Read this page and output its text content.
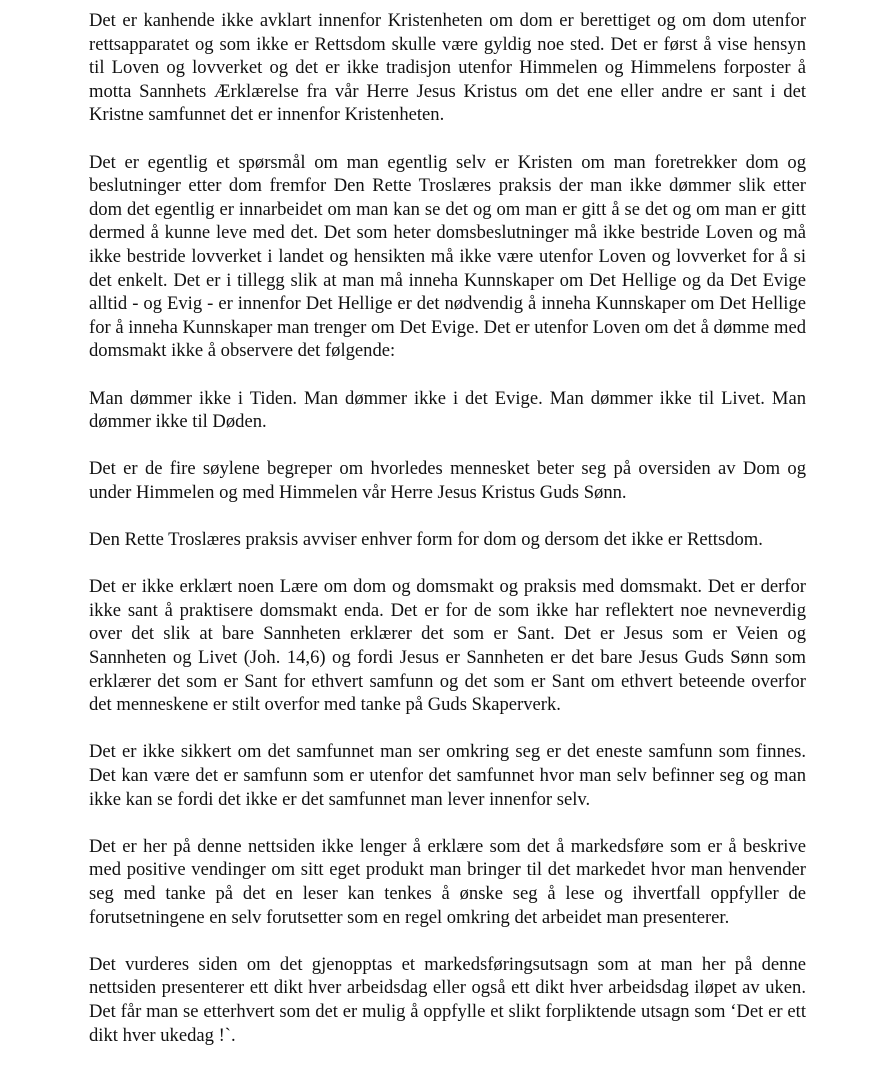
Det er kanhende ikke avklart innenfor Kristenheten om dom er berettiget og om dom utenfor rettsapparatet og som ikke er Rettsdom skulle være gyldig noe sted. Det er først å vise hensyn til Loven og lovverket og det er ikke tradisjon utenfor Himmelen og Himmelens forposter å motta Sannhets Ærklærelse fra vår Herre Jesus Kristus om det ene eller andre er sant i det Kristne samfunnet det er innenfor Kristenheten.

Det er egentlig et spørsmål om man egentlig selv er Kristen om man foretrekker dom og beslutninger etter dom fremfor Den Rette Troslæres praksis der man ikke dømmer slik etter dom det egentlig er innarbeidet om man kan se det og om man er gitt å se det og om man er gitt dermed å kunne leve med det. Det som heter domsbeslutninger må ikke bestride Loven og må ikke bestride lovverket i landet og hensikten må ikke være utenfor Loven og lovverket for å si det enkelt. Det er i tillegg slik at man må inneha Kunnskaper om Det Hellige og da Det Evige alltid - og Evig - er innenfor Det Hellige er det nødvendig å inneha Kunnskaper om Det Hellige for å inneha Kunnskaper man trenger om Det Evige. Det er utenfor Loven om det å dømme med domsmakt ikke å observere det følgende:

Man dømmer ikke i Tiden. Man dømmer ikke i det Evige. Man dømmer ikke til Livet. Man dømmer ikke til Døden.

Det er de fire søylene begreper om hvorledes mennesket beter seg på oversiden av Dom og under Himmelen og med Himmelen vår Herre Jesus Kristus Guds Sønn.

Den Rette Troslæres praksis avviser enhver form for dom og dersom det ikke er Rettsdom.

Det er ikke erklært noen Lære om dom og domsmakt og praksis med domsmakt. Det er derfor ikke sant å praktisere domsmakt enda. Det er for de som ikke har reflektert noe nevneverdig over det slik at bare Sannheten erklærer det som er Sant. Det er Jesus som er Veien og Sannheten og Livet (Joh. 14,6) og fordi Jesus er Sannheten er det bare Jesus Guds Sønn som erklærer det som er Sant for ethvert samfunn og det som er Sant om ethvert beteende overfor det menneskene er stilt overfor med tanke på Guds Skaperverk.

Det er ikke sikkert om det samfunnet man ser omkring seg er det eneste samfunn som finnes. Det kan være det er samfunn som er utenfor det samfunnet hvor man selv befinner seg og man ikke kan se fordi det ikke er det samfunnet man lever innenfor selv.

Det er her på denne nettsiden ikke lenger å erklære som det å markedsføre som er å beskrive med positive vendinger om sitt eget produkt man bringer til det markedet hvor man henvender seg med tanke på det en leser kan tenkes å ønske seg å lese og ihvertfall oppfyller de forutsetningene en selv forutsetter som en regel omkring det arbeidet man presenterer.

Det vurderes siden om det gjenopptas et markedsføringsutsagn som at man her på denne nettsiden presenterer ett dikt hver arbeidsdag eller også ett dikt hver arbeidsdag iløpet av uken. Det får man se etterhvert som det er mulig å oppfylle et slikt forpliktende utsagn som ‘Det er ett dikt hver ukedag !`.
